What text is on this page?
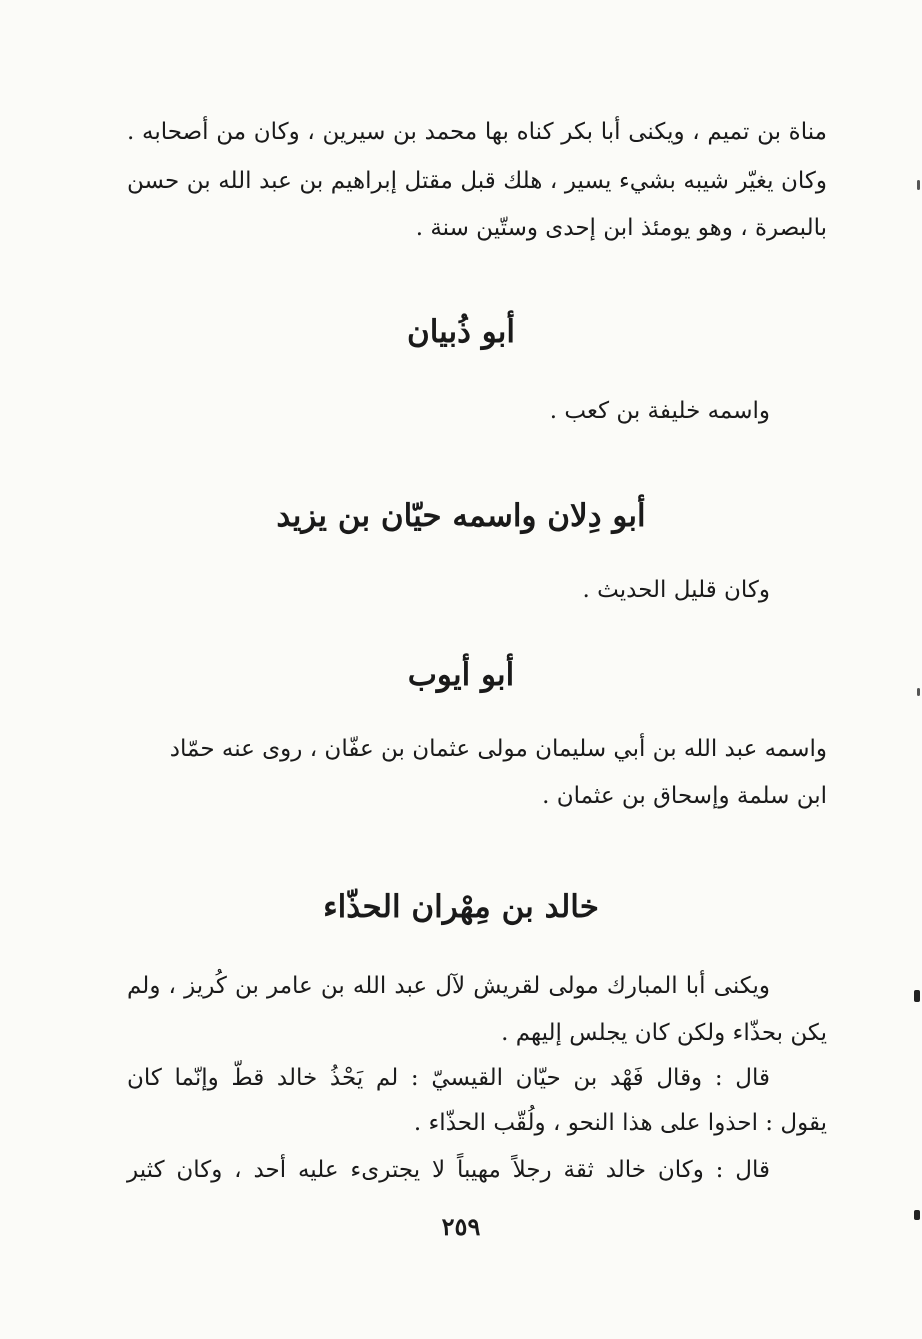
مناة بن تميم ، ويكنى أبا بكر كناه بها محمد بن سيرين ، وكان من أصحابه .
وكان يغيّر شيبه بشيء يسير ، هلك قبل مقتل إبراهيم بن عبد الله بن حسن
بالبصرة ، وهو يومئذ ابن إحدى وستّين سنة .
أبو ذُبيان
واسمه خليفة بن كعب .
أبو دِلان واسمه حيّان بن يزيد
وكان قليل الحديث .
أبو أيوب
واسمه عبد الله بن أبي سليمان مولى عثمان بن عفّان ، روى عنه حمّاد
ابن سلمة وإسحاق بن عثمان .
خالد بن مِهْران الحذّاء
ويكنى أبا المبارك مولى لقريش لآل عبد الله بن عامر بن كُريز ، ولم
يكن بحذّاء ولكن كان يجلس إليهم .
قال : وقال فَهْد بن حيّان القيسيّ : لم يَحْذُ خالد قطّ وإنّما كان
يقول : احذوا على هذا النحو ، ولُقّب الحذّاء .
قال : وكان خالد ثقة رجلاً مهيباً لا يجترىء عليه أحد ، وكان كثير
٢٥٩
